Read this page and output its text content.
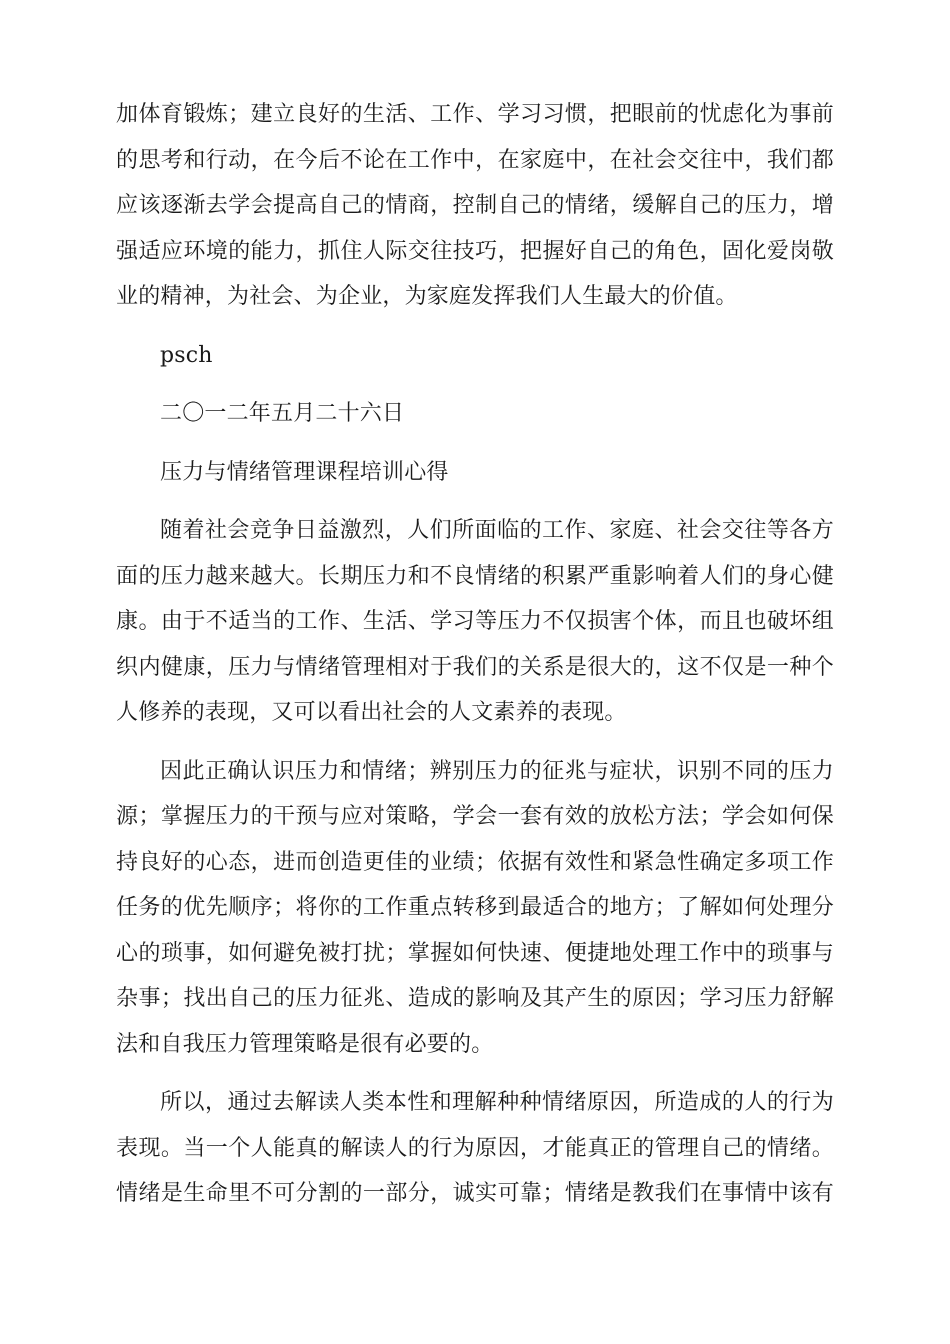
加体育锻炼；建立良好的生活、工作、学习习惯，把眼前的忧虑化为事前
的思考和行动，在今后不论在工作中，在家庭中，在社会交往中，我们都
应该逐渐去学会提高自己的情商，控制自己的情绪，缓解自己的压力，增
强适应环境的能力，抓住人际交往技巧，把握好自己的角色，固化爱岗敬
业的精神，为社会、为企业，为家庭发挥我们人生最大的价值。
psch
二〇一二年五月二十六日
压力与情绪管理课程培训心得
随着社会竞争日益激烈，人们所面临的工作、家庭、社会交往等各方
面的压力越来越大。长期压力和不良情绪的积累严重影响着人们的身心健
康。由于不适当的工作、生活、学习等压力不仅损害个体，而且也破坏组
织内健康，压力与情绪管理相对于我们的关系是很大的，这不仅是一种个
人修养的表现，又可以看出社会的人文素养的表现。
因此正确认识压力和情绪；辨别压力的征兆与症状，识别不同的压力
源；掌握压力的干预与应对策略，学会一套有效的放松方法；学会如何保
持良好的心态，进而创造更佳的业绩；依据有效性和紧急性确定多项工作
任务的优先顺序；将你的工作重点转移到最适合的地方；了解如何处理分
心的琐事，如何避免被打扰；掌握如何快速、便捷地处理工作中的琐事与
杂事；找出自己的压力征兆、造成的影响及其产生的原因；学习压力舒解
法和自我压力管理策略是很有必要的。
所以，通过去解读人类本性和理解种种情绪原因，所造成的人的行为
表现。当一个人能真的解读人的行为原因，才能真正的管理自己的情绪。
情绪是生命里不可分割的一部分，诚实可靠；情绪是教我们在事情中该有
